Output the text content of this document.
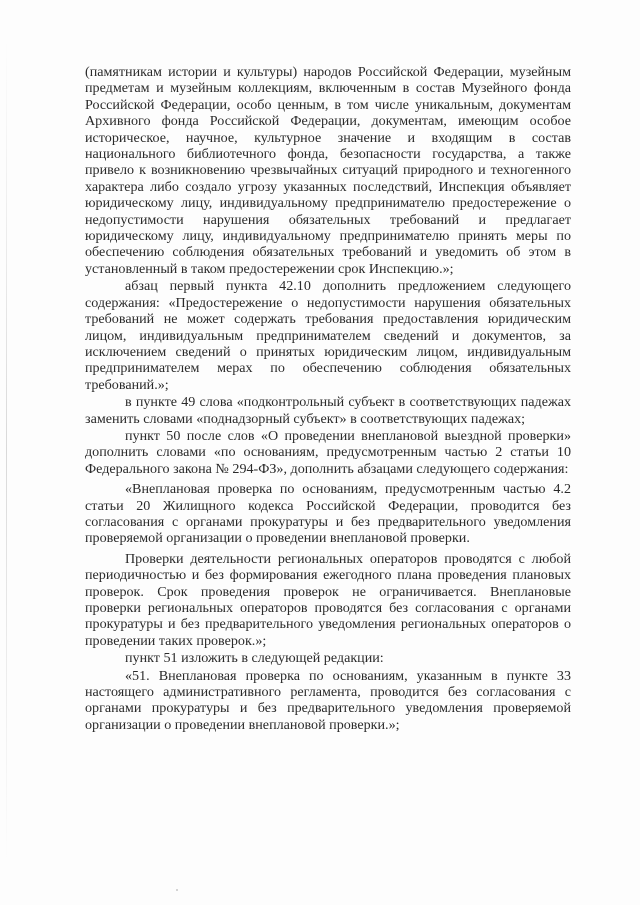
(памятникам истории и культуры) народов Российской Федерации, музейным предметам и музейным коллекциям, включенным в состав Музейного фонда Российской Федерации, особо ценным, в том числе уникальным, документам Архивного фонда Российской Федерации, документам, имеющим особое историческое, научное, культурное значение и входящим в состав национального библиотечного фонда, безопасности государства, а также привело к возникновению чрезвычайных ситуаций природного и техногенного характера либо создало угрозу указанных последствий, Инспекция объявляет юридическому лицу, индивидуальному предпринимателю предостережение о недопустимости нарушения обязательных требований и предлагает юридическому лицу, индивидуальному предпринимателю принять меры по обеспечению соблюдения обязательных требований и уведомить об этом в установленный в таком предостережении срок Инспекцию.»;

абзац первый пункта 42.10 дополнить предложением следующего содержания: «Предостережение о недопустимости нарушения обязательных требований не может содержать требования предоставления юридическим лицом, индивидуальным предпринимателем сведений и документов, за исключением сведений о принятых юридическим лицом, индивидуальным предпринимателем мерах по обеспечению соблюдения обязательных требований.»;

в пункте 49 слова «подконтрольный субъект в соответствующих падежах заменить словами «поднадзорный субъект» в соответствующих падежах;

пункт 50 после слов «О проведении внеплановой выездной проверки» дополнить словами «по основаниям, предусмотренным частью 2 статьи 10 Федерального закона № 294-ФЗ», дополнить абзацами следующего содержания:

«Внеплановая проверка по основаниям, предусмотренным частью 4.2 статьи 20 Жилищного кодекса Российской Федерации, проводится без согласования с органами прокуратуры и без предварительного уведомления проверяемой организации о проведении внеплановой проверки.

Проверки деятельности региональных операторов проводятся с любой периодичностью и без формирования ежегодного плана проведения плановых проверок. Срок проведения проверок не ограничивается. Внеплановые проверки региональных операторов проводятся без согласования с органами прокуратуры и без предварительного уведомления региональных операторов о проведении таких проверок.»;

пункт 51 изложить в следующей редакции:

«51. Внеплановая проверка по основаниям, указанным в пункте 33 настоящего административного регламента, проводится без согласования с органами прокуратуры и без предварительного уведомления проверяемой организации о проведении внеплановой проверки.»;
